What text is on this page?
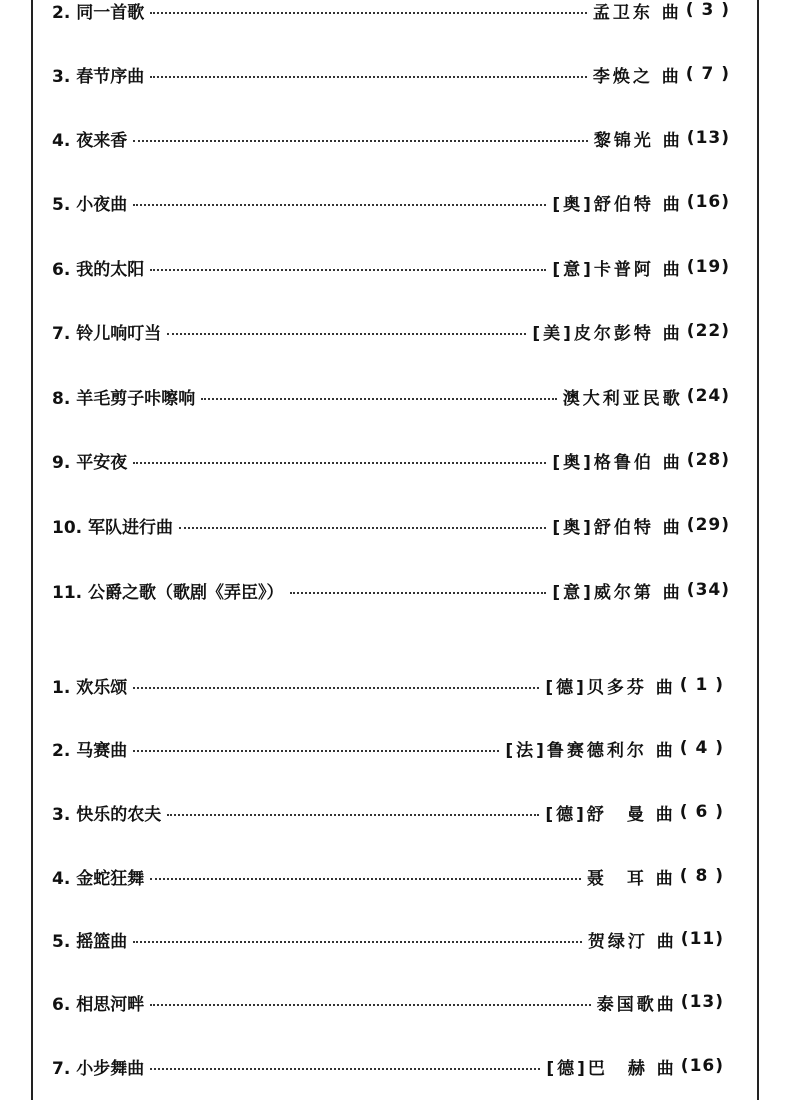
2. 同一首歌	孟卫东 曲 ( 3 )
3. 春节序曲	李焕之 曲 ( 7 )
4. 夜来香	黎锦光 曲 (13)
5. 小夜曲	[奥]舒伯特 曲 (16)
6. 我的太阳	[意]卡普阿 曲 (19)
7. 铃儿响叮当	[美]皮尔彭特 曲 (22)
8. 羊毛剪子咔嚓响	澳大利亚民歌 (24)
9. 平安夜	[奥]格鲁伯 曲 (28)
10. 军队进行曲	[奥]舒伯特 曲 (29)
11. 公爵之歌（歌剧《弄臣》）	[意]威尔第 曲 (34)
1. 欢乐颂	[德]贝多芬 曲 ( 1 )
2. 马赛曲	[法]鲁赛德利尔 曲 ( 4 )
3. 快乐的农夫	[德]舒　曼 曲 ( 6 )
4. 金蛇狂舞	聂　耳 曲 ( 8 )
5. 摇篮曲	贺绿汀 曲 (11)
6. 相思河畔	泰国歌曲 (13)
7. 小步舞曲	[德]巴　赫 曲 (16)
